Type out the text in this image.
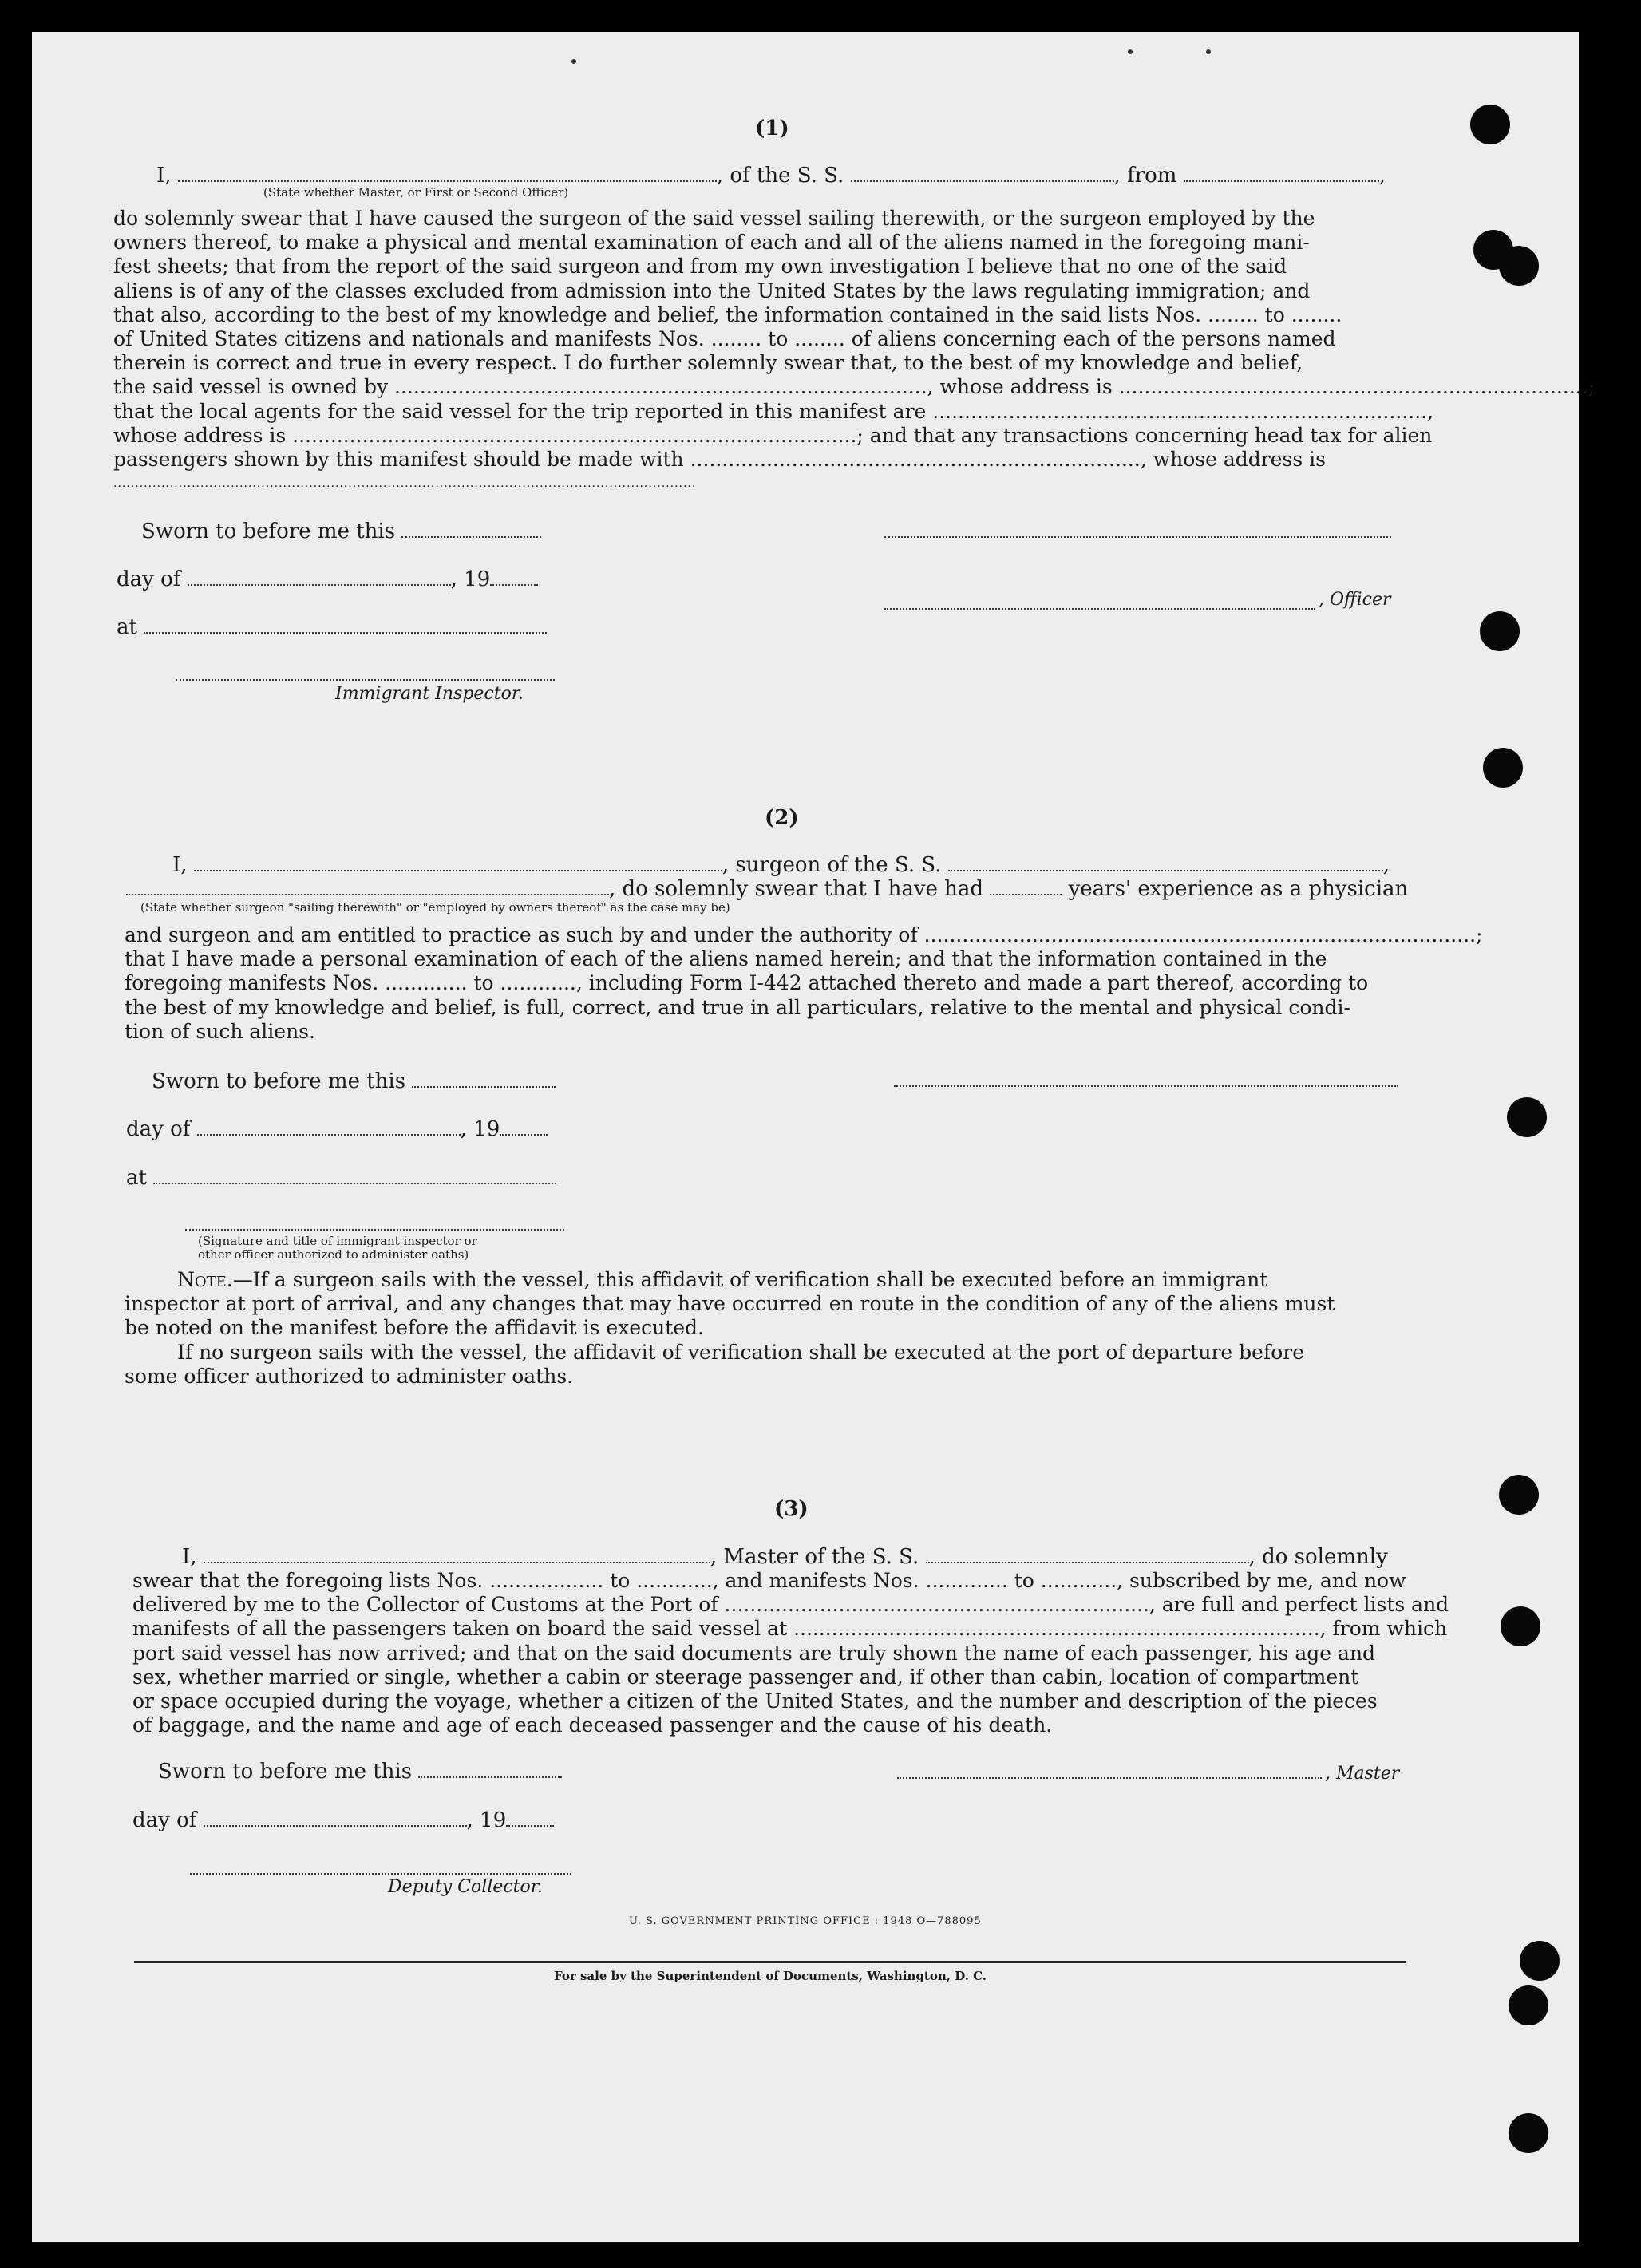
(1)
I,	, of the S. S.	, from	,
(State whether Master, or First or Second Officer)
do solemnly swear that I have caused the surgeon of the said vessel sailing therewith, or the surgeon employed by the
owners thereof, to make a physical and mental examination of each and all of the aliens named in the foregoing mani-
fest sheets; that from the report of the said surgeon and from my own investigation I believe that no one of the said
aliens is of any of the classes excluded from admission into the United States by the laws regulating immigration; and
that also, according to the best of my knowledge and belief, the information contained in the said lists Nos. ........ to ........
of United States citizens and nationals and manifests Nos. ........ to ........ of aliens concerning each of the persons named
therein is correct and true in every respect. I do further solemnly swear that, to the best of my knowledge and belief,
the said vessel is owned by ...................................................................................., whose address is ..........................................................................;
that the local agents for the said vessel for the trip reported in this manifest are ..............................................................................,
whose address is .........................................................................................; and that any transactions concerning head tax for alien
passengers shown by this manifest should be made with ......................................................................., whose address is
......................................................................................................................................
Sworn to before me this
day of	, 19
at
Immigrant Inspector.
, Officer
(2)
I,	, surgeon of the S. S.	,
, do solemnly swear that I have had	years' experience as a physician
(State whether surgeon "sailing therewith" or "employed by owners thereof" as the case may be)
and surgeon and am entitled to practice as such by and under the authority of .......................................................................................;
that I have made a personal examination of each of the aliens named herein; and that the information contained in the
foregoing manifests Nos. ............. to ............, including Form I-442 attached thereto and made a part thereof, according to
the best of my knowledge and belief, is full, correct, and true in all particulars, relative to the mental and physical condi-
tion of such aliens.
Sworn to before me this
day of	, 19
at
(Signature and title of immigrant inspector or
other officer authorized to administer oaths)
Note.—If a surgeon sails with the vessel, this affidavit of verification shall be executed before an immigrant
inspector at port of arrival, and any changes that may have occurred en route in the condition of any of the aliens must
be noted on the manifest before the affidavit is executed.
If no surgeon sails with the vessel, the affidavit of verification shall be executed at the port of departure before
some officer authorized to administer oaths.
(3)
I,	, Master of the S. S.	, do solemnly
swear that the foregoing lists Nos. .................. to ............, and manifests Nos. ............. to ............, subscribed by me, and now
delivered by me to the Collector of Customs at the Port of ..................................................................., are full and perfect lists and
manifests of all the passengers taken on board the said vessel at ..................................................................................., from which
port said vessel has now arrived; and that on the said documents are truly shown the name of each passenger, his age and
sex, whether married or single, whether a cabin or steerage passenger and, if other than cabin, location of compartment
or space occupied during the voyage, whether a citizen of the United States, and the number and description of the pieces
of baggage, and the name and age of each deceased passenger and the cause of his death.
Sworn to before me this
day of	, 19
Deputy Collector.
, Master
U. S. GOVERNMENT PRINTING OFFICE : 1948 O—788095
For sale by the Superintendent of Documents, Washington, D. C.
